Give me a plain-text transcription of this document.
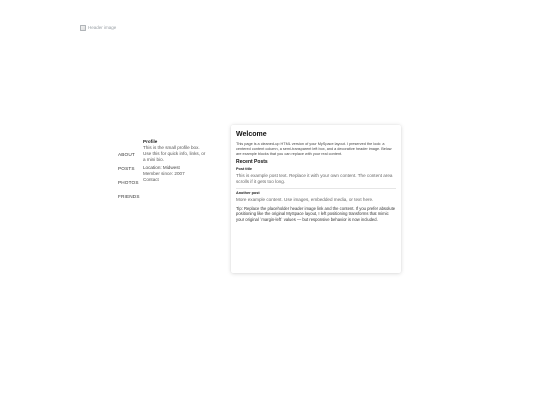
Header image
ABOUT
POSTS
PHOTOS
FRIENDS
Profile
This is the small profile box. Use this for quick info, links, or a mini bio.
Location: Midwest
Member since: 2007
Contact
Welcome

This page is a cleaned-up HTML version of your MySpace layout. I preserved the look: a centered content column, a semi-transparent left box, and a decorative header image. Below are example blocks that you can replace with your real content.

Recent Posts

Post title

This is example post text. Replace it with your own content. The content area scrolls if it gets too long.

Another post

More example content. Use images, embedded media, or text here.

Tip: Replace the placeholder header image link and the content. If you prefer absolute positioning like the original MySpace layout, I left positioning transforms that mimic your original `margin-left` values — but responsive behavior is now included.
